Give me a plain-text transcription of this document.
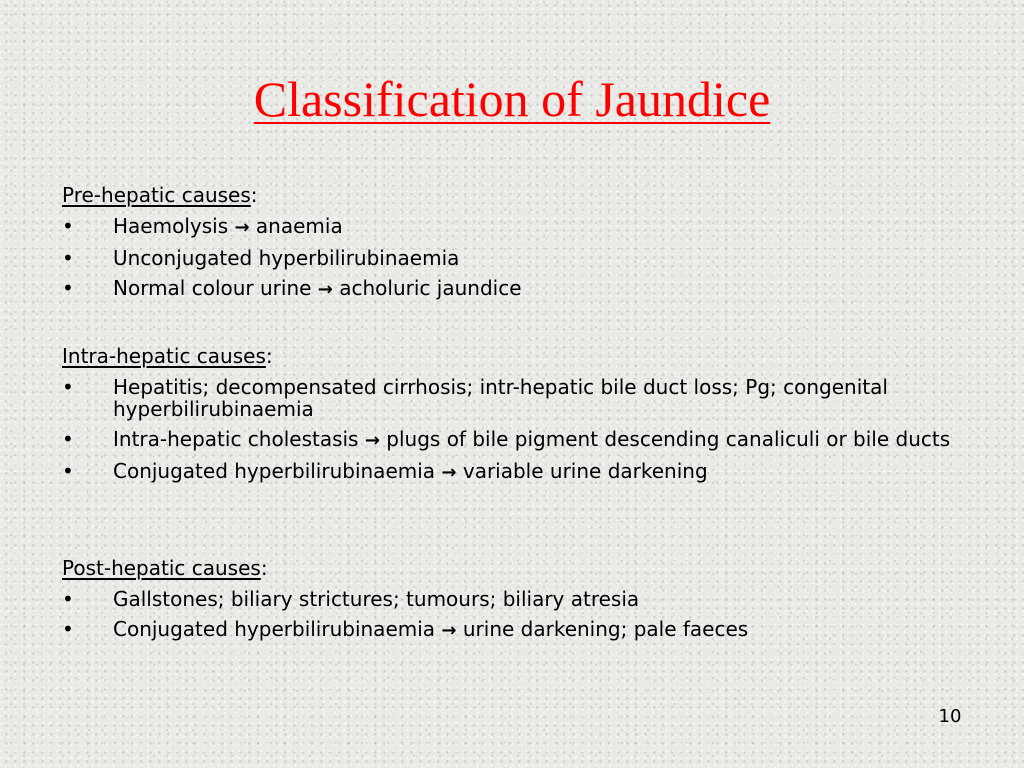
Classification of Jaundice

Pre-hepatic causes:

•	Haemolysis → anaemia
•	Unconjugated hyperbilirubinaemia
•	Normal colour urine → acholuric jaundice

Intra-hepatic causes:

•	Hepatitis; decompensated cirrhosis; intr-hepatic bile duct loss; Pg; congenital hyperbilirubinaemia
•	Intra-hepatic cholestasis → plugs of bile pigment descending canaliculi or bile ducts
•	Conjugated hyperbilirubinaemia → variable urine darkening

Post-hepatic causes:

•	Gallstones; biliary strictures; tumours; biliary atresia
•	Conjugated hyperbilirubinaemia → urine darkening; pale faeces
10
